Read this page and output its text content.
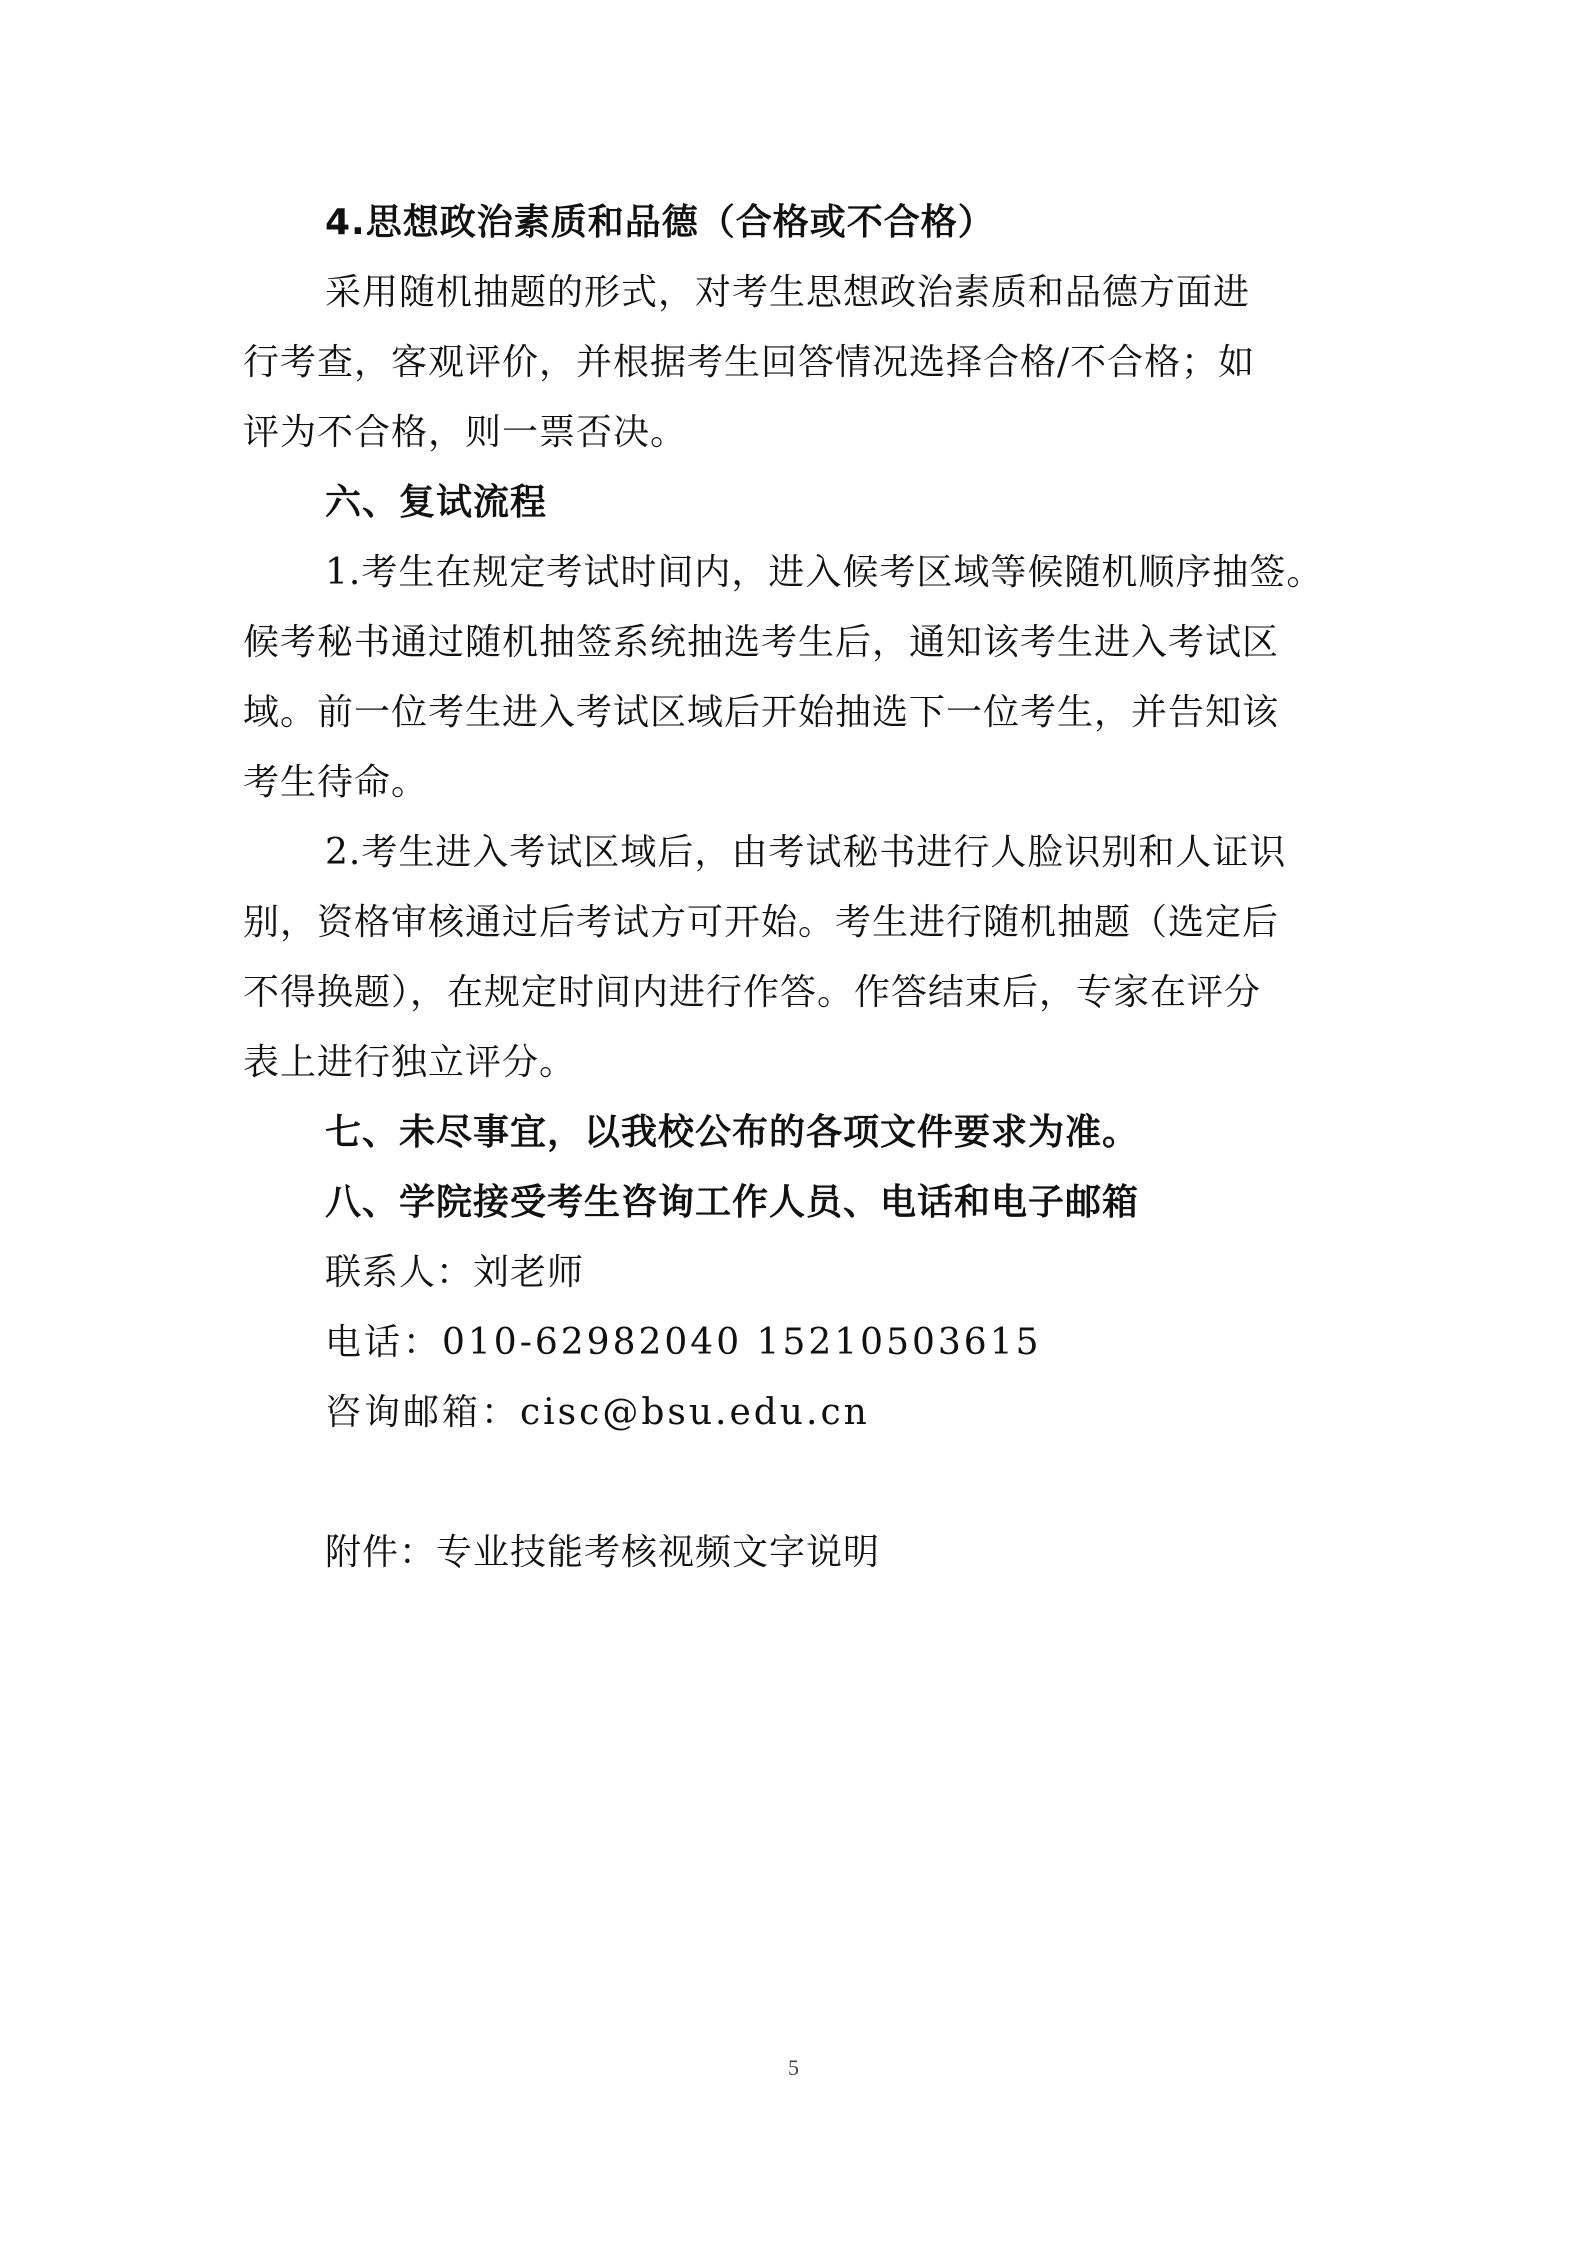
4.思想政治素质和品德（合格或不合格）
采用随机抽题的形式，对考生思想政治素质和品德方面进
行考查，客观评价，并根据考生回答情况选择合格/不合格；如
评为不合格，则一票否决。
六、复试流程
1.考生在规定考试时间内，进入候考区域等候随机顺序抽签。
候考秘书通过随机抽签系统抽选考生后，通知该考生进入考试区
域。前一位考生进入考试区域后开始抽选下一位考生，并告知该
考生待命。
2.考生进入考试区域后，由考试秘书进行人脸识别和人证识
别，资格审核通过后考试方可开始。考生进行随机抽题（选定后
不得换题），在规定时间内进行作答。作答结束后，专家在评分
表上进行独立评分。
七、未尽事宜，以我校公布的各项文件要求为准。
八、学院接受考生咨询工作人员、电话和电子邮箱
联系人：刘老师
电话：010-62982040 15210503615
咨询邮箱：cisc@bsu.edu.cn
附件：专业技能考核视频文字说明
5
